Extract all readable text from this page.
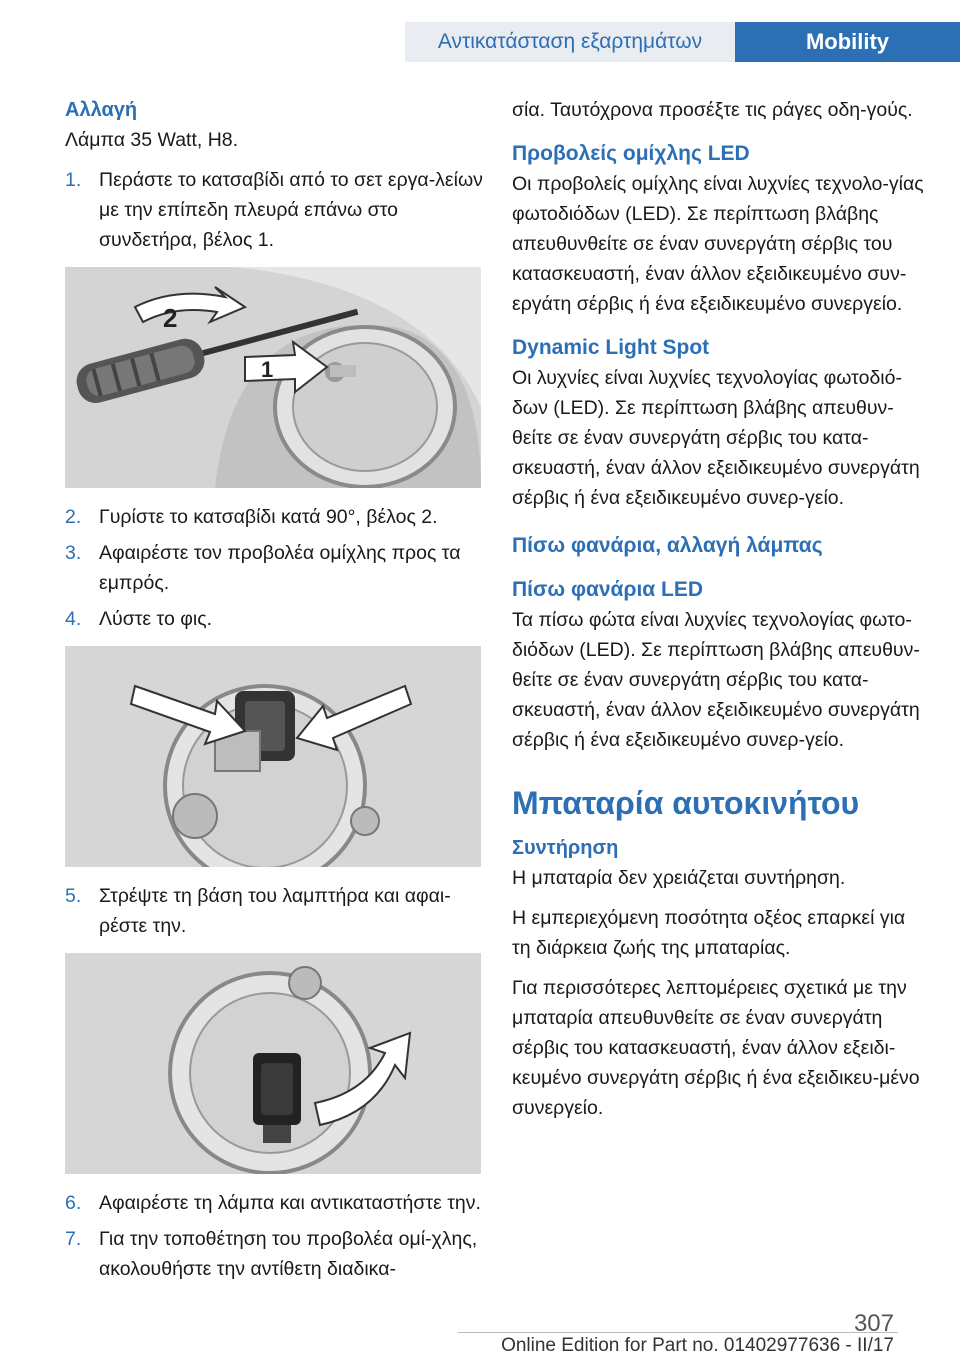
Αντικατάσταση εξαρτημάτων	Mobility

Αλλαγή

Λάμπα 35 Watt, H8.

1. Περάστε το κατσαβίδι από το σετ εργα-λείων με την επίπεδη πλευρά επάνω στο συνδετήρα, βέλος 1.
2
1
2. Γυρίστε το κατσαβίδι κατά 90°, βέλος 2.
3. Αφαιρέστε τον προβολέα ομίχλης προς τα εμπρός.
4. Λύστε το φις.
5. Στρέψτε τη βάση του λαμπτήρα και αφαι-ρέστε την.
6. Αφαιρέστε τη λάμπα και αντικαταστήστε την.
7. Για την τοποθέτηση του προβολέα ομί-χλης, ακολουθήστε την αντίθετη διαδικα-

σία. Ταυτόχρονα προσέξτε τις ράγες οδη-γούς.

Προβολείς ομίχλης LED

Οι προβολείς ομίχλης είναι λυχνίες τεχνολο-γίας φωτοδιόδων (LED). Σε περίπτωση βλάβης απευθυνθείτε σε έναν συνεργάτη σέρβις του κατασκευαστή, έναν άλλον εξειδικευμένο συν-εργάτη σέρβις ή ένα εξειδικευμένο συνεργείο.

Dynamic Light Spot

Οι λυχνίες είναι λυχνίες τεχνολογίας φωτοδιό-δων (LED). Σε περίπτωση βλάβης απευθυν-θείτε σε έναν συνεργάτη σέρβις του κατα-σκευαστή, έναν άλλον εξειδικευμένο συνεργάτη σέρβις ή ένα εξειδικευμένο συνερ-γείο.

Πίσω φανάρια, αλλαγή λάμπας

Πίσω φανάρια LED

Τα πίσω φώτα είναι λυχνίες τεχνολογίας φωτο-διόδων (LED). Σε περίπτωση βλάβης απευθυν-θείτε σε έναν συνεργάτη σέρβις του κατα-σκευαστή, έναν άλλον εξειδικευμένο συνεργάτη σέρβις ή ένα εξειδικευμένο συνερ-γείο.

Μπαταρία αυτοκινήτου

Συντήρηση

Η μπαταρία δεν χρειάζεται συντήρηση.

Η εμπεριεχόμενη ποσότητα οξέος επαρκεί για τη διάρκεια ζωής της μπαταρίας.

Για περισσότερες λεπτομέρειες σχετικά με την μπαταρία απευθυνθείτε σε έναν συνεργάτη σέρβις του κατασκευαστή, έναν άλλον εξειδι-κευμένο συνεργάτη σέρβις ή ένα εξειδικευ-μένο συνεργείο.

307
Online Edition for Part no. 01402977636 - II/17
